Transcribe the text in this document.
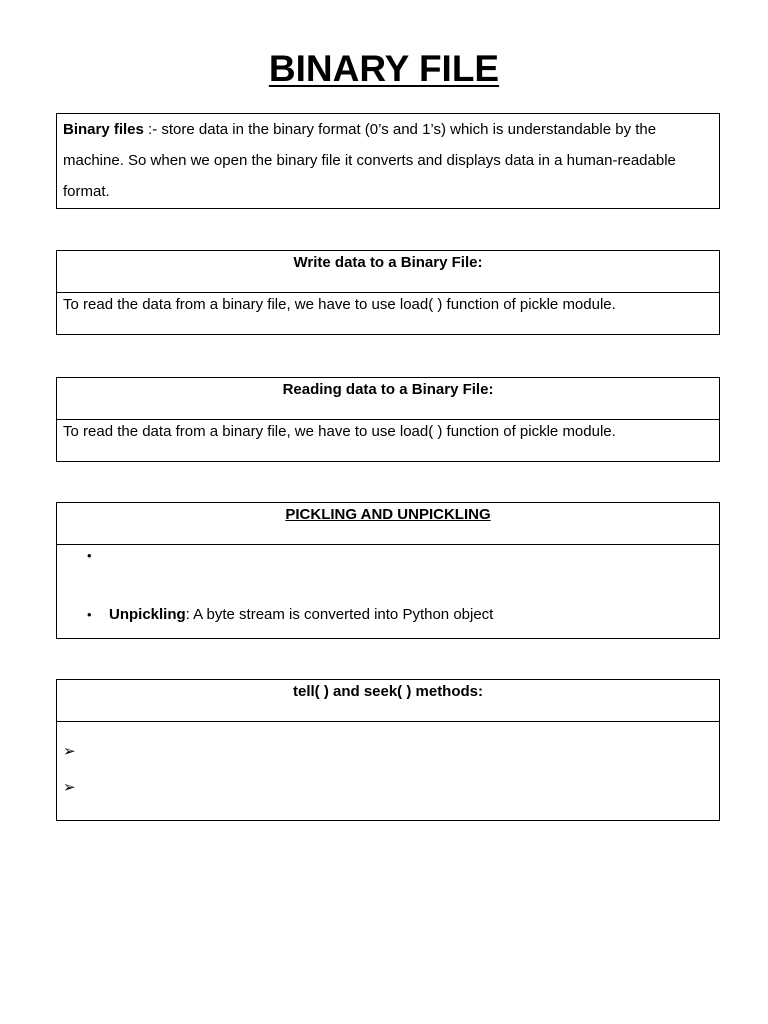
BINARY FILE
Binary files :- store data in the binary format (0’s and 1’s) which is understandable by the machine. So when we open the binary file it converts and displays data in a human-readable format.
Write data to a Binary File:
To read the data from a binary file, we have to use load( ) function of pickle module.
Reading data to a Binary File:
To read the data from a binary file, we have to use load( ) function of pickle module.
PICKLING AND UNPICKLING
•
• Unpickling: A byte stream is converted into Python object
tell( ) and seek( ) methods:
➢
➢
